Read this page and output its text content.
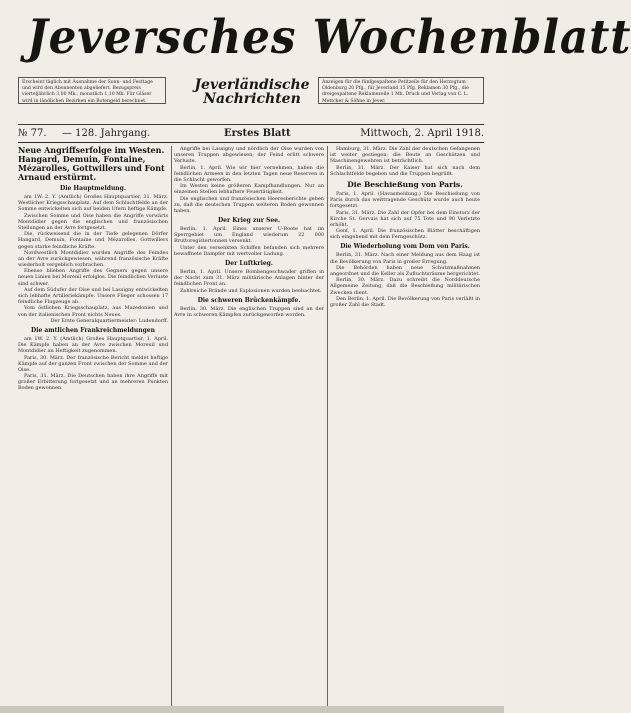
Jeversches Wochenblatt
Erscheint täglich mit Ausnahme der Sonn- und Festtage und wird den Abonnenten abgeliefert. Bezugspreis vierteljährlich 3,00 Mk., monatlich 1,10 Mk. Für Gläser wird in ländlichen Bezirken ein Botengeld berechnet.
Jeverländische
Nachrichten
Anzeigen für die fünfgespaltene Petitzeile für den Herzogtum Oldenburg 20 Pfg., für Jeverland 15 Pfg. Reklamen 30 Pfg., die dreigespaltene Reklamezeile 1 Mk. Druck und Verlag von C. L. Mettcker & Söhne in Jever.
№ 77. — 128. Jahrgang.	Erstes Blatt	Mittwoch, 2. April 1918.
Neue Angriffserfolge im Westen. Hangard, Demuin, Fontaine, Mézarolles, Gottwillers und Font Arnaud erstürmt.
Die Hauptmeldung.
am 1W. 2. Y. (Amtlich) Großes Hauptquartier, 31. März. Westlicher Kriegsschauplatz. Auf dem Schlachtfelde an der Somme entwickelten sich auf beiden Ufern heftige Kämpfe.
Zwischen Somme und Oise haben die Angriffe vorwärts Montdidier gegen die englischen und französischen Stellungen an der Avre fortgesetzt.
Die, rückweisend die in der Tiefe gelegenen Dörfer Hangard, Demuin, Fontaine und Mézarolles, Gottwillers gegen starke feindliche Kräfte.
Nordwestlich Montdidier wurden Angriffe des Feindes an der Avre zurückgewiesen, während französische Kräfte wiederholt vergeblich vorbrachen.
Ebenso blieben Angriffe des Gegners gegen unsere neuen Linien bei Moreuil erfolglos. Die feindlichen Verluste sind schwer.
Auf dem Südufer der Oise und bei Lassigny entwickelten sich lebhafte Artilleriekämpfe. Unsere Flieger schossen 17 feindliche Flugzeuge ab.
Vom östlichen Kriegsschauplatz, aus Mazedonien und von der italienischen Front nichts Neues.
Der Erste Generalquartiermeister: Ludendorff.
Die amtlichen Frankreichmeldungen
am 1W. 2. Y. (Amtlich) Großes Hauptquartier, 1. April. Die Kämpfe haben an der Avre zwischen Moreuil und Montdidier an Heftigkeit zugenommen.
Paris, 30. März. Der französische Bericht meldet heftige Kämpfe auf der ganzen Front zwischen der Somme und der Oise.
Paris, 31. März. Die Deutschen haben ihre Angriffe mit großer Erbitterung fortgesetzt und an mehreren Punkten Boden gewonnen.
Angriffe bei Lassigny und nördlich der Oise wurden von unseren Truppen abgewiesen; der Feind erlitt schwere Verluste.
Berlin, 1. April. Wie wir hier vernehmen, haben die feindlichen Armeen in den letzten Tagen neue Reserven in die Schlacht geworfen.
Im Westen keine größeren Kampfhandlungen. Nur an einzelnen Stellen lebhaftere Feuertätigkeit.
Die englischen und französischen Heeresberichte geben zu, daß die deutschen Truppen weiteren Boden gewonnen haben.
Der Krieg zur See.
Berlin, 1. April. Eines unserer U-Boote hat im Sperrgebiet um England wiederum 22 000 Bruttoregistertonnen versenkt.
Unter den versenkten Schiffen befanden sich mehrere bewaffnete Dampfer mit wertvoller Ladung.
Der Luftkrieg.
Berlin, 1. April. Unsere Bombengeschwader griffen in der Nacht zum 31. März militärische Anlagen hinter der feindlichen Front an.
Zahlreiche Brände und Explosionen wurden beobachtet.
Die schweren Brückenkämpfe.
Berlin, 30. März. Die englischen Truppen sind an der Avre in schweren Kämpfen zurückgeworfen worden.
Hamburg, 31. März. Die Zahl der deutschen Gefangenen ist weiter gestiegen; die Beute an Geschützen und Maschinengewehren ist beträchtlich.
Berlin, 31. März. Der Kaiser hat sich nach dem Schlachtfelde begeben und die Truppen begrüßt.
Die Beschießung von Paris.
Paris, 1. April. (Havasmeldung.) Die Beschießung von Paris durch das weittragende Geschütz wurde auch heute fortgesetzt.
Paris, 31. März. Die Zahl der Opfer bei dem Einsturz der Kirche St. Gervais hat sich auf 75 Tote und 90 Verletzte erhöht.
Genf, 1. April. Die französischen Blätter beschäftigen sich eingehend mit dem Ferngeschütz.
Die Wiederholung vom Dom von Paris.
Berlin, 31. März. Nach einer Meldung aus dem Haag ist die Bevölkerung von Paris in großer Erregung.
Die Behörden haben neue Schutzmaßnahmen angeordnet und die Keller als Zufluchtsräume hergerichtet.
Berlin, 30. März. Dazu schreibt die Norddeutsche Allgemeine Zeitung, daß die Beschießung militärischen Zwecken dient.
Den Berlin, 1. April. Die Bevölkerung von Paris verläßt in großer Zahl die Stadt.
